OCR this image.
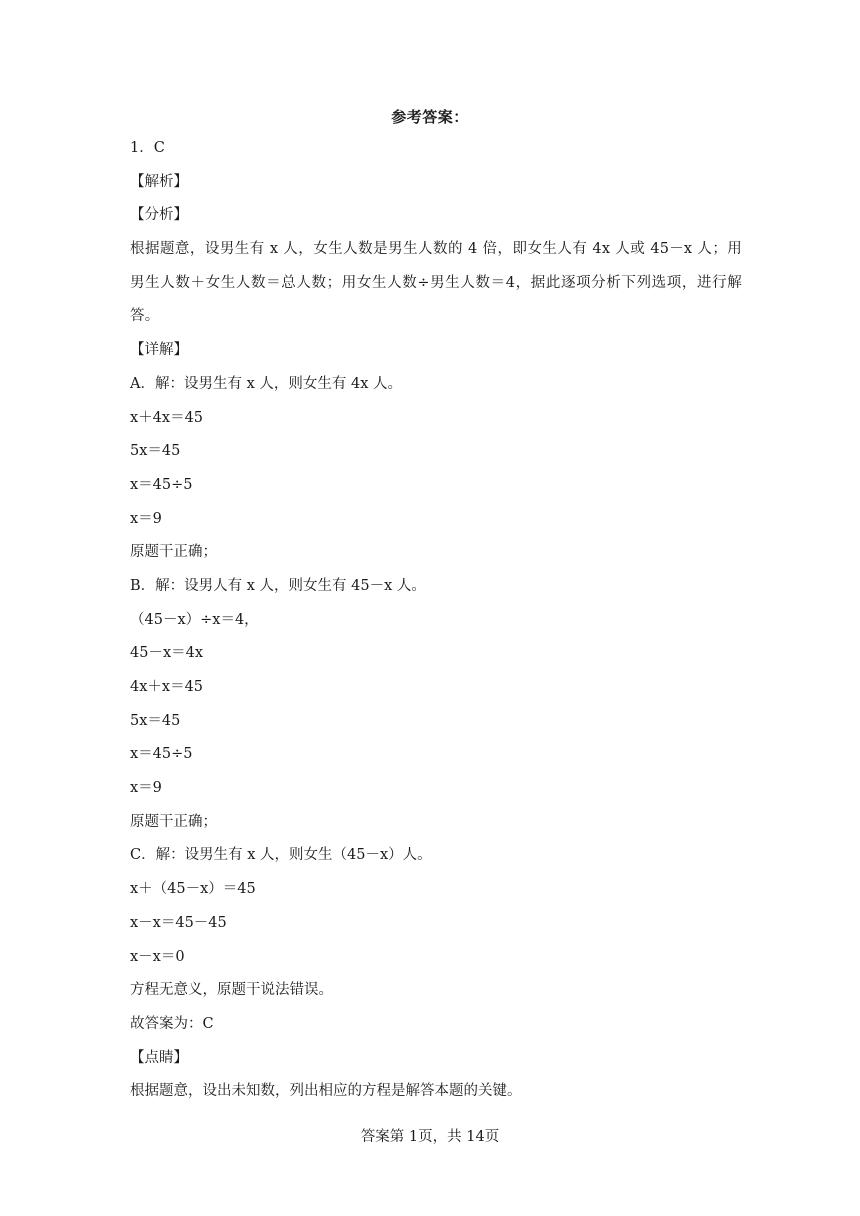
参考答案：
1．C
【解析】
【分析】
根据题意，设男生有 x 人，女生人数是男生人数的 4 倍，即女生人有 4x 人或 45－x 人；用男生人数＋女生人数＝总人数；用女生人数÷男生人数＝4，据此逐项分析下列选项，进行解答。
【详解】
A．解：设男生有 x 人，则女生有 4x 人。
x＋4x＝45
5x＝45
x＝45÷5
x＝9
原题干正确；
B．解：设男人有 x 人，则女生有 45－x 人。
（45－x）÷x＝4，
45－x＝4x
4x＋x＝45
5x＝45
x＝45÷5
x＝9
原题干正确；
C．解：设男生有 x 人，则女生（45－x）人。
x＋（45－x）＝45
x－x＝45－45
x－x＝0
方程无意义，原题干说法错误。
故答案为：C
【点睛】
根据题意，设出未知数，列出相应的方程是解答本题的关键。
答案第 1页，共 14页
